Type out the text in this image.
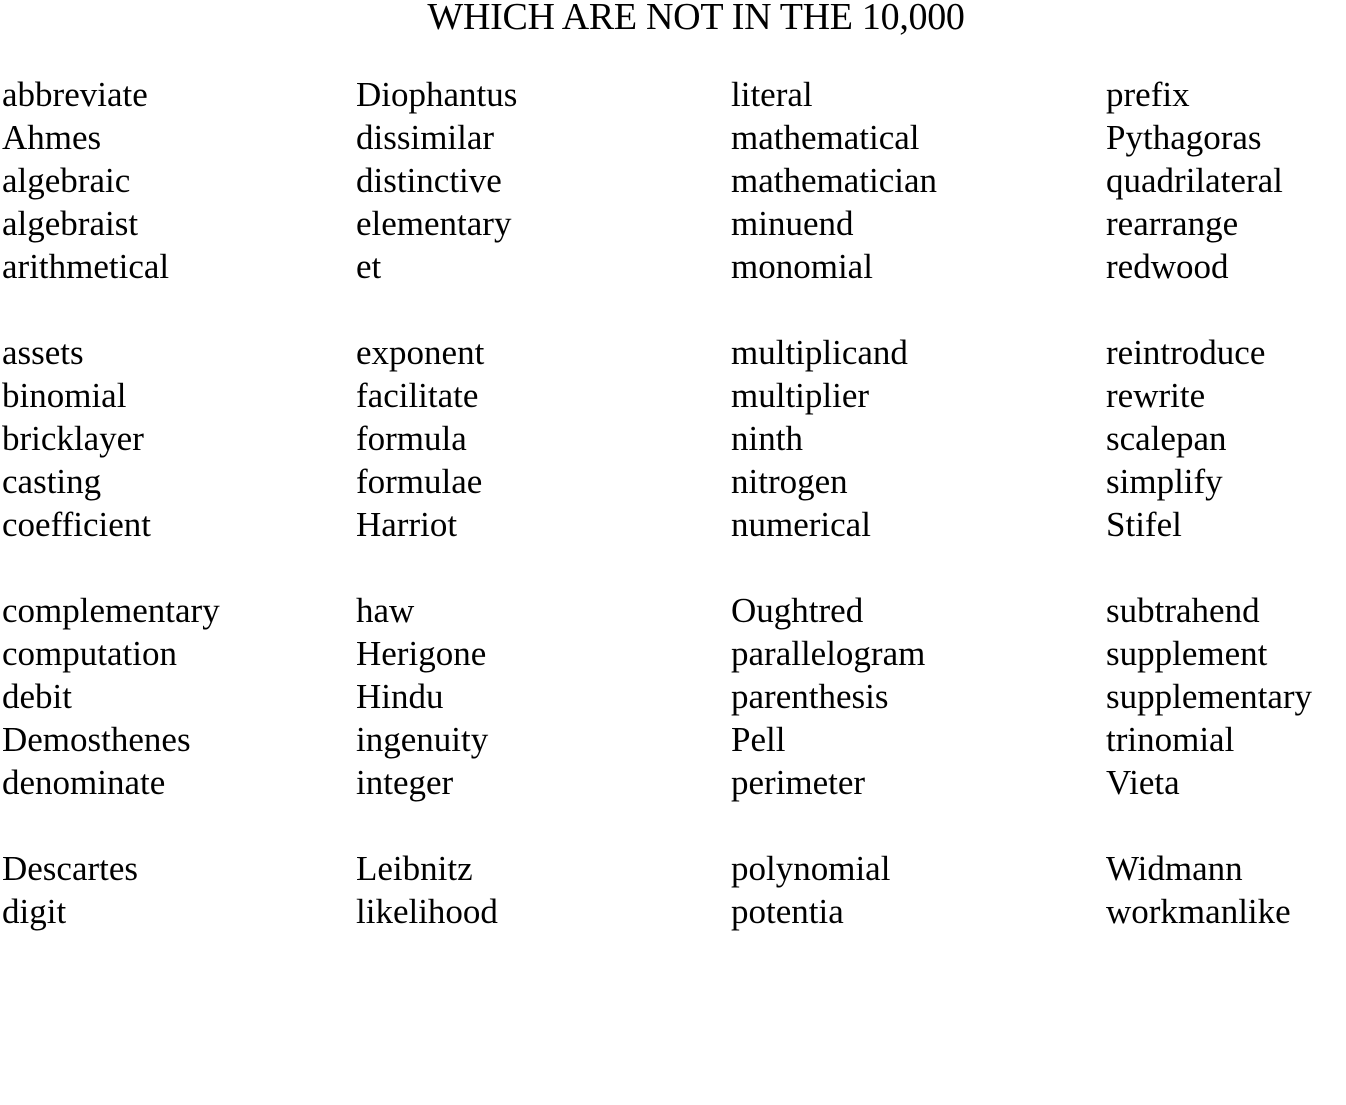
WHICH ARE NOT IN THE 10,000
abbreviate
Ahmes
algebraic
algebraist
arithmetical
assets
binomial
bricklayer
casting
coefficient
complementary
computation
debit
Demosthenes
denominate
Descartes
digit
Diophantus
dissimilar
distinctive
elementary
et
exponent
facilitate
formula
formulae
Harriot
haw
Herigone
Hindu
ingenuity
integer
Leibnitz
likelihood
literal
mathematical
mathematician
minuend
monomial
multiplicand
multiplier
ninth
nitrogen
numerical
Oughtred
parallelogram
parenthesis
Pell
perimeter
polynomial
potentia
prefix
Pythagoras
quadrilateral
rearrange
redwood
reintroduce
rewrite
scalepan
simplify
Stifel
subtrahend
supplement
supplementary
trinomial
Vieta
Widmann
workmanlike
